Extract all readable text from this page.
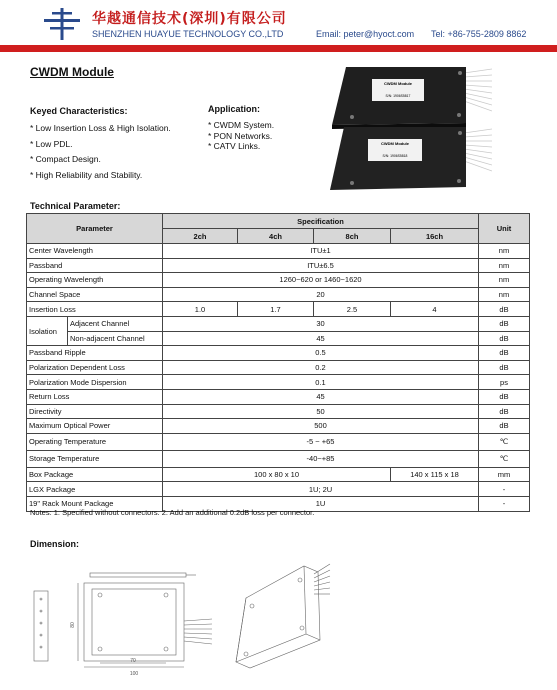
华越通信技术(深圳)有限公司
SHENZHEN HUAYUE TECHNOLOGY CO.,LTD	Email: peter@hyoct.com Tel: +86-755-2809 8862
CWDM Module
Keyed Characteristics:
* Low Insertion Loss & High Isolation.
* Low PDL.
* Compact Design.
* High Reliability and Stability.
Application:
* CWDM System.
* PON Networks.
* CATV Links.
CWDM Module
S/N: 1906S5817
CWDM Module
S/N: 1906S5818
Technical Parameter:
Parameter		Specification				Unit
		2ch	4ch	8ch	16ch	
Center Wavelength		ITU±1				nm
Passband		ITU±6.5				nm
Operating Wavelength		1260~620 or 1460~1620				nm
Channel Space		20				nm
Insertion Loss		1.0	1.7	2.5	4	dB
Isolation	Adjacent Channel	30				dB
	Non-adjacent Channel	45				dB
Passband Ripple		0.5				dB
Polarization Dependent Loss		0.2				dB
Polarization Mode Dispersion		0.1				ps
Return Loss		45				dB
Directivity		50				dB
Maximum Optical Power		500				dB
Operating Temperature		-5 ~ +65				℃
Storage Temperature		-40~+85				℃
Box Package		100 x 80 x 10			140 x 115 x 18	mm
LGX Package		1U; 2U				-
19" Rack Mount Package		1U				-
Notes: 1. Specified without connectors. 2. Add an additional 0.2dB loss per connector.
Dimension:
80
70
100
